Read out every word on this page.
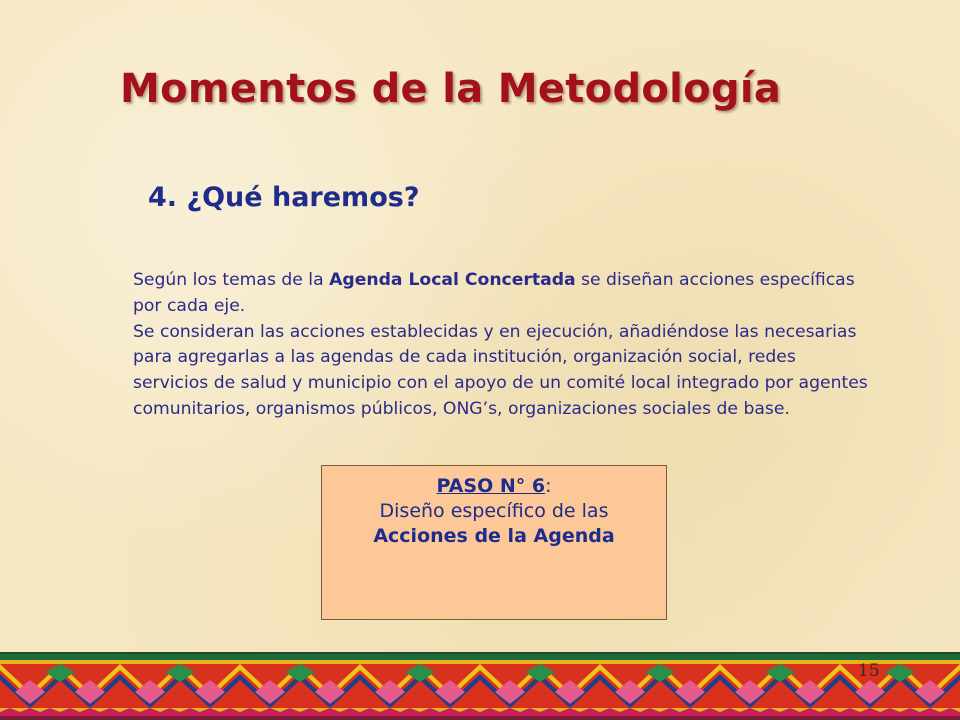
Momentos de la Metodología
4. ¿Qué haremos?
Según los temas de la Agenda Local Concertada se diseñan acciones específicas por cada eje.
Se consideran las acciones establecidas y en ejecución, añadiéndose las necesarias para agregarlas a las agendas de cada institución, organización social, redes servicios de salud y municipio con el apoyo de un comité local integrado por agentes comunitarios, organismos públicos, ONG’s, organizaciones sociales de base.
PASO N° 6:
Diseño específico de las
Acciones de la Agenda
15
